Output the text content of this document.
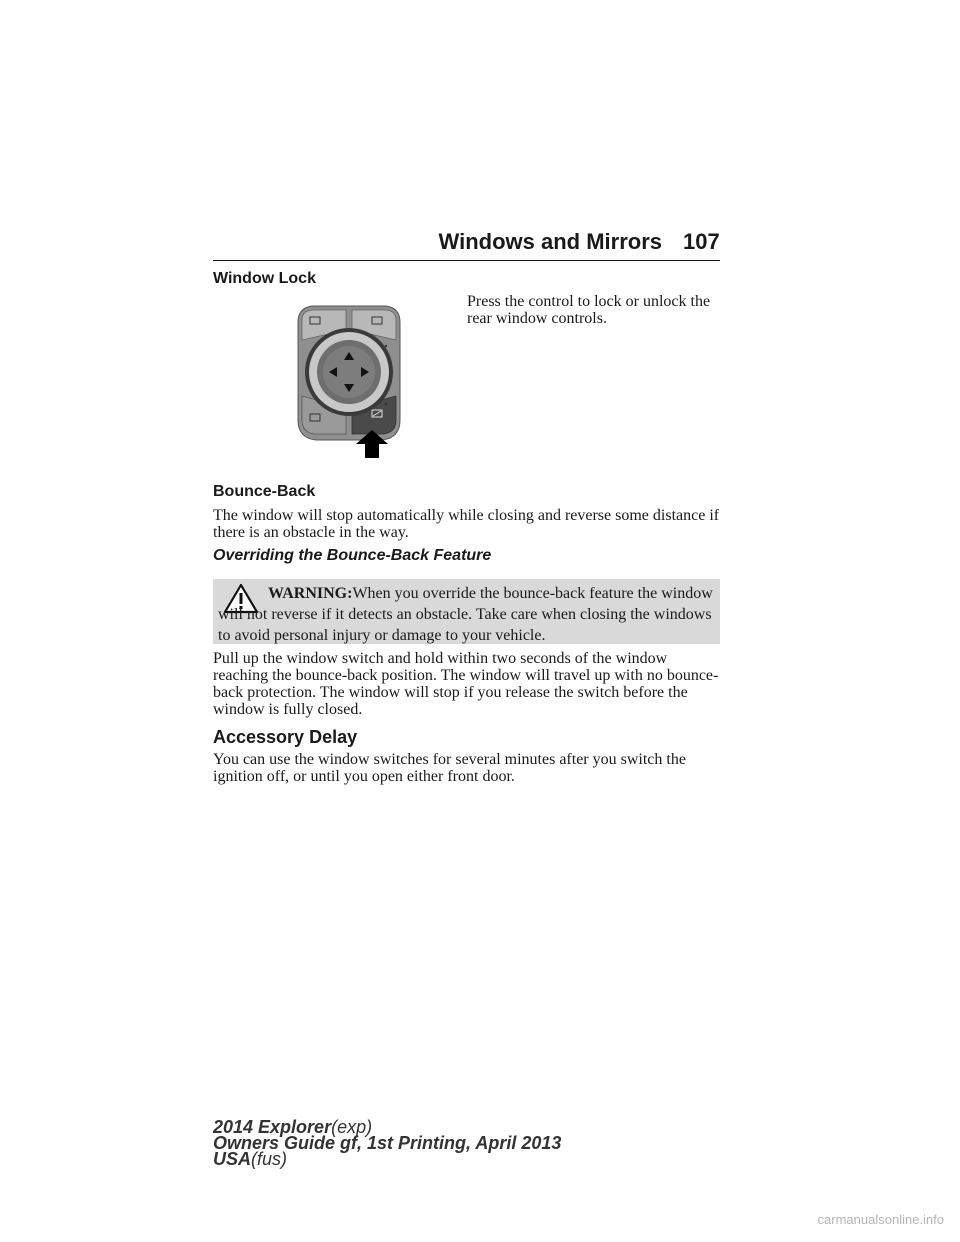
Windows and Mirrors 107
Window Lock
Press the control to lock or unlock the rear window controls.
Bounce-Back
The window will stop automatically while closing and reverse some distance if there is an obstacle in the way.
Overriding the Bounce-Back Feature
WARNING:When you override the bounce-back feature the window will not reverse if it detects an obstacle. Take care when closing the windows to avoid personal injury or damage to your vehicle.
Pull up the window switch and hold within two seconds of the window reaching the bounce-back position. The window will travel up with no bounce-back protection. The window will stop if you release the switch before the window is fully closed.
Accessory Delay
You can use the window switches for several minutes after you switch the ignition off, or until you open either front door.
2014 Explorer(exp)
Owners Guide gf, 1st Printing, April 2013
USA(fus)
carmanualsonline.info
